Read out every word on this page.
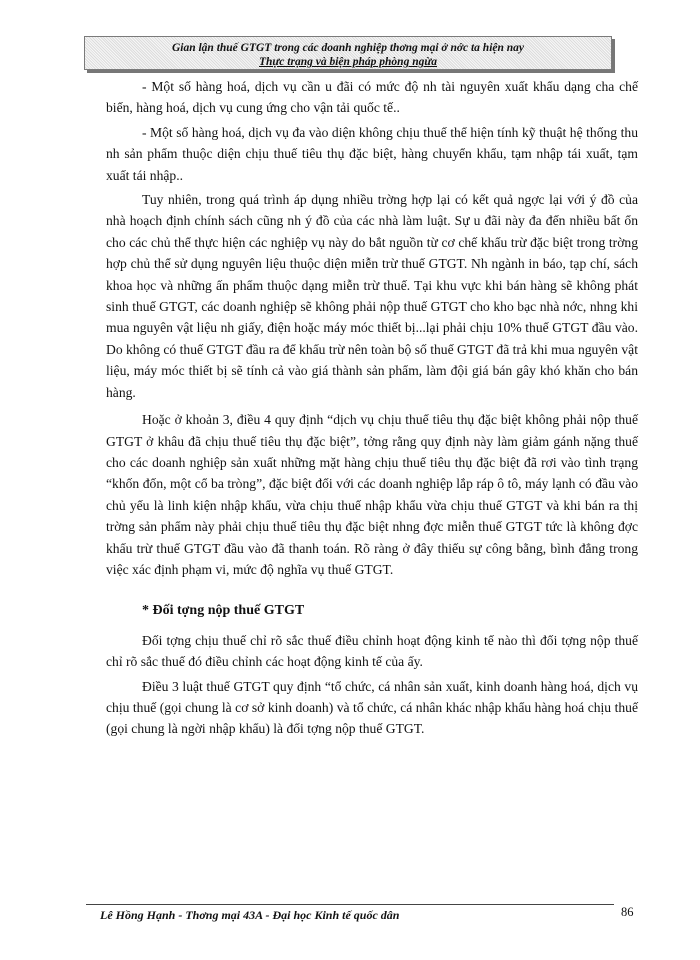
Gian lận thuế GTGT trong các doanh nghiệp thơng mại ở nớc ta hiện nay
Thực trạng và biện pháp phòng ngừa

- Một số hàng hoá, dịch vụ cần u đãi có mức độ nh tài nguyên xuất khẩu dạng cha chế biến, hàng hoá, dịch vụ cung ứng cho vận tải quốc tế..

- Một số hàng hoá, dịch vụ đa vào diện không chịu thuế thể hiện tính kỹ thuật hệ thống thu nh sản phẩm thuộc diện chịu thuế tiêu thụ đặc biệt, hàng chuyển khẩu, tạm nhập tái xuất, tạm xuất tái nhập..

Tuy nhiên, trong quá trình áp dụng nhiều trờng hợp lại có kết quả ngợc lại với ý đồ của nhà hoạch định chính sách cũng nh ý đồ của các nhà làm luật. Sự u đãi này đa đến nhiều bất ổn cho các chủ thể thực hiện các nghiệp vụ này do bắt nguồn từ cơ chế khấu trừ đặc biệt trong trờng hợp chủ thể sử dụng nguyên liệu thuộc diện miễn trừ thuế GTGT. Nh ngành in báo, tạp chí, sách khoa học và những ấn phẩm thuộc dạng miễn trừ thuế. Tại khu vực khi bán hàng sẽ không phát sinh thuế GTGT, các doanh nghiệp sẽ không phải nộp thuế GTGT cho kho bạc nhà nớc, nhng khi mua nguyên vật liệu nh giấy, điện hoặc máy móc thiết bị...lại phải chịu 10% thuế GTGT đầu vào. Do không có thuế GTGT đầu ra để khấu trừ nên toàn bộ số thuế GTGT đã trả khi mua nguyên vật liệu, máy móc thiết bị sẽ tính cả vào giá thành sản phẩm, làm đội giá bán gây khó khăn cho bán hàng.

Hoặc ở khoản 3, điều 4 quy định “dịch vụ chịu thuế tiêu thụ đặc biệt không phải nộp thuế GTGT ở khâu đã chịu thuế tiêu thụ đặc biệt”, tởng rằng quy định này làm giảm gánh nặng thuế cho các doanh nghiệp sản xuất những mặt hàng chịu thuế tiêu thụ đặc biệt đã rơi vào tình trạng “khốn đốn, một cổ ba tròng”, đặc biệt đối với các doanh nghiệp lắp ráp ô tô, máy lạnh có đầu vào chủ yếu là linh kiện nhập khẩu, vừa chịu thuế nhập khẩu vừa chịu thuế GTGT và khi bán ra thị trờng sản phẩm này phải chịu thuế tiêu thụ đặc biệt nhng đợc miễn thuế GTGT tức là không đợc khấu trừ thuế GTGT đầu vào đã thanh toán. Rõ ràng ở đây thiếu sự công bằng, bình đẳng trong việc xác định phạm vi, mức độ nghĩa vụ thuế GTGT.

* Đối tợng nộp thuế GTGT

Đối tợng chịu thuế chỉ rõ sắc thuế điều chỉnh hoạt động kinh tế nào thì đối tợng nộp thuế chỉ rõ sắc thuế đó điều chỉnh các hoạt động kinh tế của ấy.

Điều 3 luật thuế GTGT quy định “tổ chức, cá nhân sản xuất, kinh doanh hàng hoá, dịch vụ chịu thuế (gọi chung là cơ sở kinh doanh) và tổ chức, cá nhân khác nhập khẩu hàng hoá chịu thuế (gọi chung là ngời nhập khẩu) là đối tợng nộp thuế GTGT.

Lê Hồng Hạnh - Thơng mại 43A - Đại học Kinh tế quốc dân	86
